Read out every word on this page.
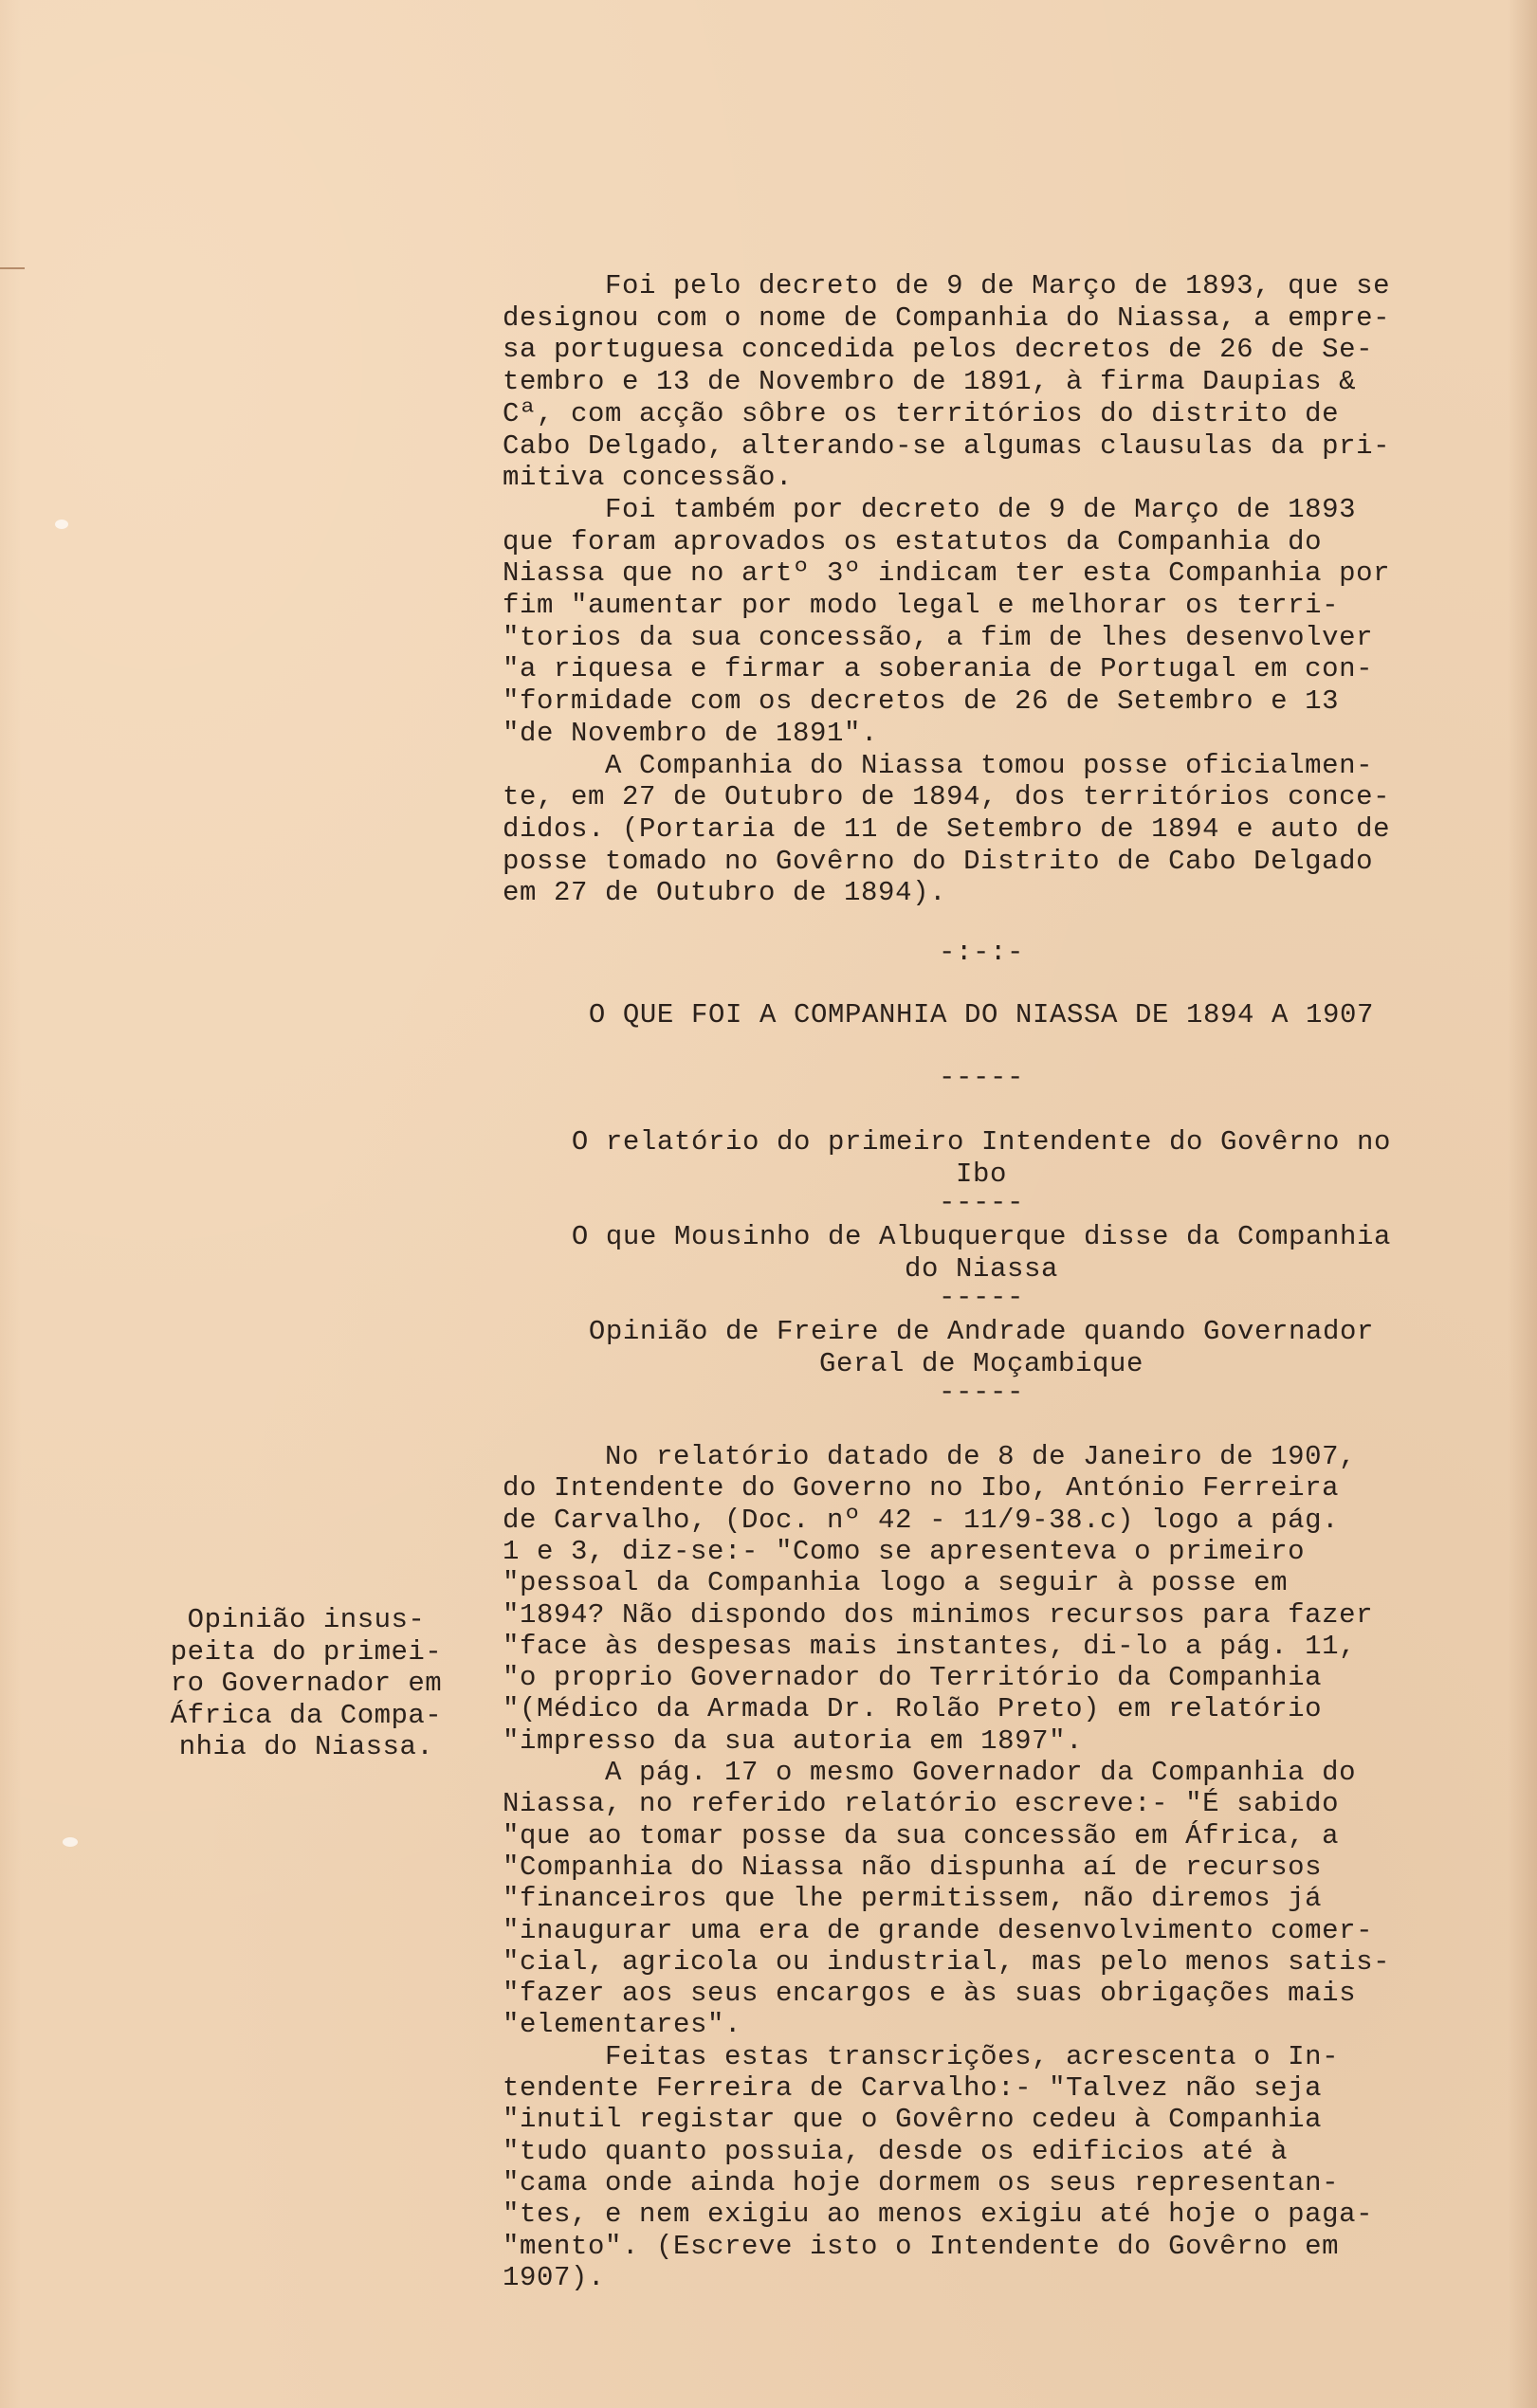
Foi pelo decreto de 9 de Março de 1893, que se
designou com o nome de Companhia do Niassa, a empre-
sa portuguesa concedida pelos decretos de 26 de Se-
tembro e 13 de Novembro de 1891, à firma Daupias &
Cª, com acção sôbre os territórios do distrito de
Cabo Delgado, alterando-se algumas clausulas da pri-
mitiva concessão.
Foi também por decreto de 9 de Março de 1893
que foram aprovados os estatutos da Companhia do
Niassa que no artº 3º indicam ter esta Companhia por
fim "aumentar por modo legal e melhorar os terri-
"torios da sua concessão, a fim de lhes desenvolver
"a riquesa e firmar a soberania de Portugal em con-
"formidade com os decretos de 26 de Setembro e 13
"de Novembro de 1891".
A Companhia do Niassa tomou posse oficialmen-
te, em 27 de Outubro de 1894, dos territórios conce-
didos. (Portaria de 11 de Setembro de 1894 e auto de
posse tomado no Govêrno do Distrito de Cabo Delgado
em 27 de Outubro de 1894).
-:-:-
O QUE FOI A COMPANHIA DO NIASSA DE 1894 A 1907
-----
O relatório do primeiro Intendente do Govêrno no
Ibo
-----
O que Mousinho de Albuquerque disse da Companhia
do Niassa
-----
Opinião de Freire de Andrade quando Governador
Geral de Moçambique
-----
Opinião insus-
peita do primei-
ro Governador em
África da Compa-
nhia do Niassa.
No relatório datado de 8 de Janeiro de 1907,
do Intendente do Governo no Ibo, António Ferreira
de Carvalho, (Doc. nº 42 - 11/9-38.c) logo a pág.
1 e 3, diz-se:- "Como se apresenteva o primeiro
"pessoal da Companhia logo a seguir à posse em
"1894? Não dispondo dos minimos recursos para fazer
"face às despesas mais instantes, di-lo a pág. 11,
"o proprio Governador do Território da Companhia
"(Médico da Armada Dr. Rolão Preto) em relatório
"impresso da sua autoria em 1897".
A pág. 17 o mesmo Governador da Companhia do
Niassa, no referido relatório escreve:- "É sabido
"que ao tomar posse da sua concessão em África, a
"Companhia do Niassa não dispunha aí de recursos
"financeiros que lhe permitissem, não diremos já
"inaugurar uma era de grande desenvolvimento comer-
"cial, agricola ou industrial, mas pelo menos satis-
"fazer aos seus encargos e às suas obrigações mais
"elementares".
Feitas estas transcrições, acrescenta o In-
tendente Ferreira de Carvalho:- "Talvez não seja
"inutil registar que o Govêrno cedeu à Companhia
"tudo quanto possuia, desde os edificios até à
"cama onde ainda hoje dormem os seus representan-
"tes, e nem exigiu ao menos exigiu até hoje o paga-
"mento". (Escreve isto o Intendente do Govêrno em
1907).
